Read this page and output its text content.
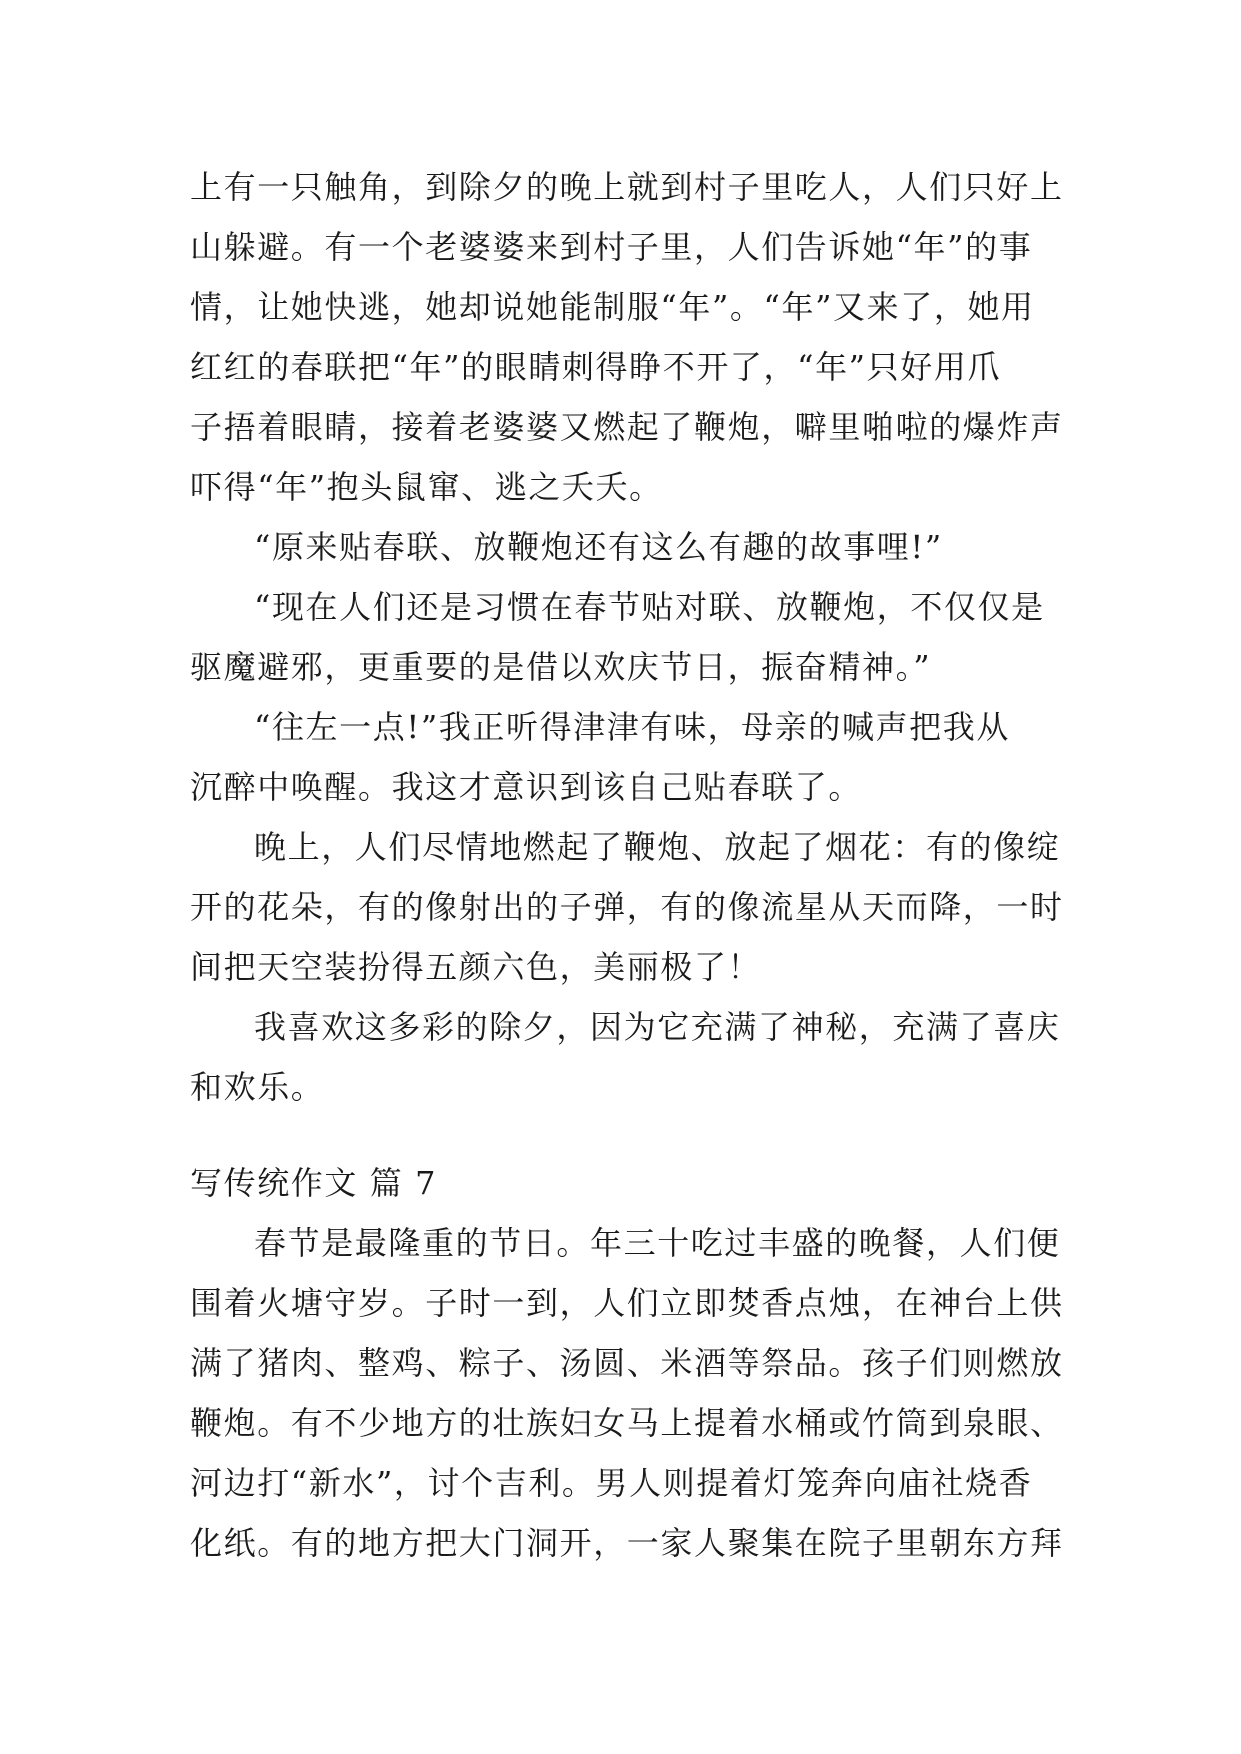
上有一只触角，到除夕的晚上就到村子里吃人，人们只好上
山躲避。有一个老婆婆来到村子里，人们告诉她“年”的事
情，让她快逃，她却说她能制服“年”。“年”又来了，她用
红红的春联把“年”的眼睛刺得睁不开了，“年”只好用爪
子捂着眼睛，接着老婆婆又燃起了鞭炮，噼里啪啦的爆炸声
吓得“年”抱头鼠窜、逃之夭夭。
“原来贴春联、放鞭炮还有这么有趣的故事哩!”
“现在人们还是习惯在春节贴对联、放鞭炮，不仅仅是
驱魔避邪，更重要的是借以欢庆节日，振奋精神。”
“往左一点!”我正听得津津有味，母亲的喊声把我从
沉醉中唤醒。我这才意识到该自己贴春联了。
晚上，人们尽情地燃起了鞭炮、放起了烟花：有的像绽
开的花朵，有的像射出的子弹，有的像流星从天而降，一时
间把天空装扮得五颜六色，美丽极了！
我喜欢这多彩的除夕，因为它充满了神秘，充满了喜庆
和欢乐。
写传统作文 篇 7
春节是最隆重的节日。年三十吃过丰盛的晚餐，人们便
围着火塘守岁。子时一到，人们立即焚香点烛，在神台上供
满了猪肉、整鸡、粽子、汤圆、米酒等祭品。孩子们则燃放
鞭炮。有不少地方的壮族妇女马上提着水桶或竹筒到泉眼、
河边打“新水”，讨个吉利。男人则提着灯笼奔向庙社烧香
化纸。有的地方把大门洞开，一家人聚集在院子里朝东方拜
